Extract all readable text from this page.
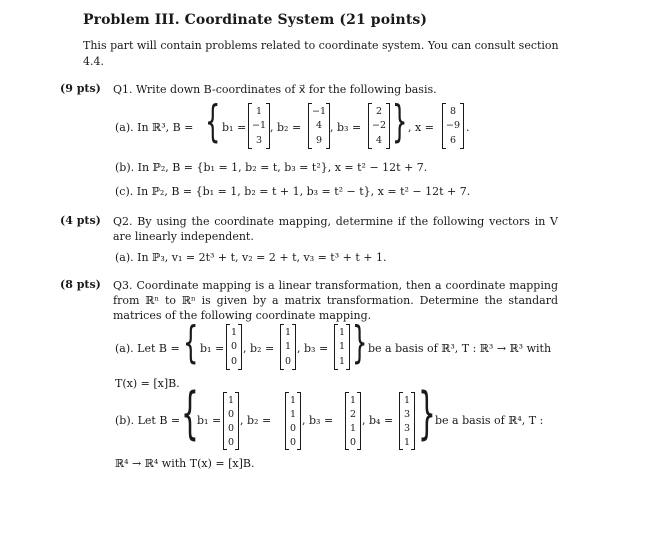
Problem III. Coordinate System (21 points)
This part will contain problems related to coordinate system. You can consult section 4.4.
(9 pts) Q1. Write down B-coordinates of x⃗ for the following basis.
(a). In ℝ³, B = { b₁ =
1
−1
3
, b₂ =
−1
4
9
, b₃ =
2
−2
4 } , x =
8
−9
6
.
(b). In ℙ₂, B = {b₁ = 1, b₂ = t, b₃ = t²}, x = t² − 12t + 7.
(c). In ℙ₂, B = {b₁ = 1, b₂ = t + 1, b₃ = t² − t}, x = t² − 12t + 7.
(4 pts) Q2. By using the coordinate mapping, determine if the following vectors in V are linearly independent.
(a). In ℙ₃, v₁ = 2t³ + t, v₂ = 2 + t, v₃ = t³ + t + 1.
(8 pts) Q3. Coordinate mapping is a linear transformation, then a coordinate mapping from ℝⁿ to ℝⁿ is given by a matrix transformation. Determine the standard matrices of the following coordinate mapping.
(a). Let B = { b₁ =
1
0
0
, b₂ =
1
1
0
, b₃ =
1
1
1 } be a basis of ℝ³, T : ℝ³ → ℝ³ with
T(x) = [x]B.
(b). Let B = {
b₁ =
1
0
0
0
, b₂ =
1
1
0
0
, b₃ =
1
2
1
0
, b₄ =
1
3
3
1 } be a basis of ℝ⁴, T :
ℝ⁴ → ℝ⁴ with T(x) = [x]B.
